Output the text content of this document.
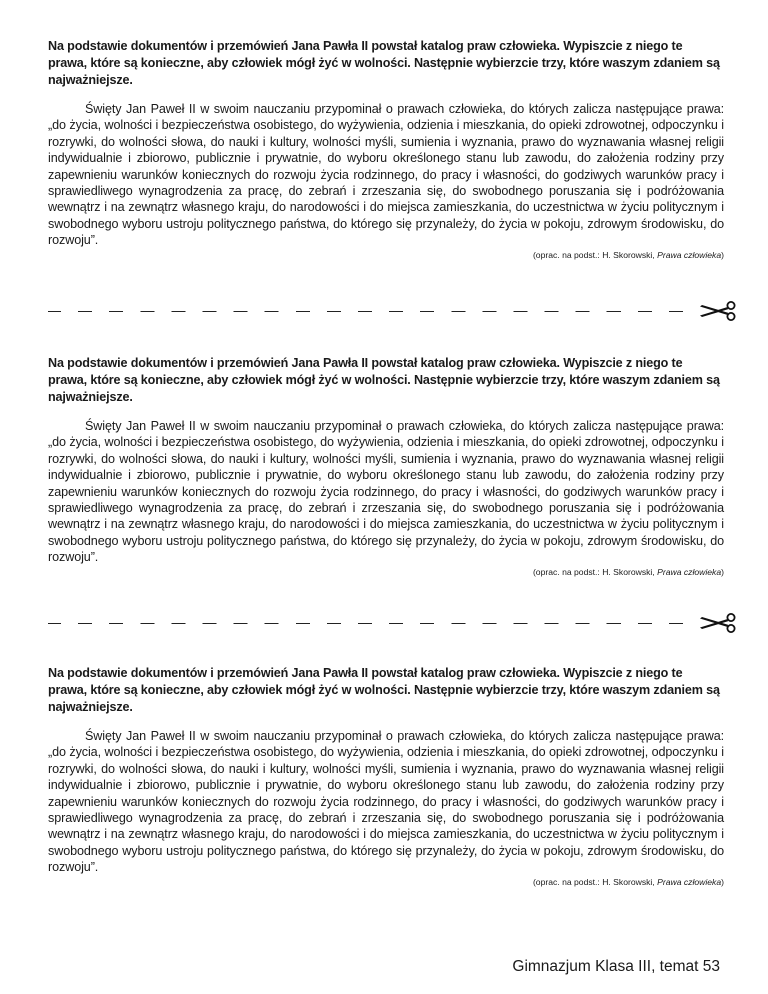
Na podstawie dokumentów i przemówień Jana Pawła II powstał katalog praw człowieka. Wypiszcie z niego te prawa, które są konieczne, aby człowiek mógł żyć w wolności. Następnie wybierzcie trzy, które waszym zdaniem są najważniejsze.

Święty Jan Paweł II w swoim nauczaniu przypominał o prawach człowieka, do których zalicza następujące prawa: „do życia, wolności i bezpieczeństwa osobistego, do wyżywienia, odzienia i mieszkania, do opieki zdrowotnej, odpoczynku i rozrywki, do wolności słowa, do nauki i kultury, wolności myśli, sumienia i wyznania, prawo do wyznawania własnej religii indywidualnie i zbiorowo, publicznie i prywatnie, do wyboru określonego stanu lub zawodu, do założenia rodziny przy zapewnieniu warunków koniecznych do rozwoju życia rodzinnego, do pracy i własności, do godziwych warunków pracy i sprawiedliwego wynagrodzenia za pracę, do zebrań i zrzeszania się, do swobodnego poruszania się i podróżowania wewnątrz i na zewnątrz własnego kraju, do narodowości i do miejsca zamieszkania, do uczestnictwa w życiu politycznym i swobodnego wyboru ustroju politycznego państwa, do którego się przynależy, do życia w pokoju, zdrowym środowisku, do rozwoju”.

(oprac. na podst.: H. Skorowski, Prawa człowieka)

Na podstawie dokumentów i przemówień Jana Pawła II powstał katalog praw człowieka. Wypiszcie z niego te prawa, które są konieczne, aby człowiek mógł żyć w wolności. Następnie wybierzcie trzy, które waszym zdaniem są najważniejsze.

Święty Jan Paweł II w swoim nauczaniu przypominał o prawach człowieka, do których zalicza następujące prawa: „do życia, wolności i bezpieczeństwa osobistego, do wyżywienia, odzienia i mieszkania, do opieki zdrowotnej, odpoczynku i rozrywki, do wolności słowa, do nauki i kultury, wolności myśli, sumienia i wyznania, prawo do wyznawania własnej religii indywidualnie i zbiorowo, publicznie i prywatnie, do wyboru określonego stanu lub zawodu, do założenia rodziny przy zapewnieniu warunków koniecznych do rozwoju życia rodzinnego, do pracy i własności, do godziwych warunków pracy i sprawiedliwego wynagrodzenia za pracę, do zebrań i zrzeszania się, do swobodnego poruszania się i podróżowania wewnątrz i na zewnątrz własnego kraju, do narodowości i do miejsca zamieszkania, do uczestnictwa w życiu politycznym i swobodnego wyboru ustroju politycznego państwa, do którego się przynależy, do życia w pokoju, zdrowym środowisku, do rozwoju”.

(oprac. na podst.: H. Skorowski, Prawa człowieka)

Na podstawie dokumentów i przemówień Jana Pawła II powstał katalog praw człowieka. Wypiszcie z niego te prawa, które są konieczne, aby człowiek mógł żyć w wolności. Następnie wybierzcie trzy, które waszym zdaniem są najważniejsze.

Święty Jan Paweł II w swoim nauczaniu przypominał o prawach człowieka, do których zalicza następujące prawa: „do życia, wolności i bezpieczeństwa osobistego, do wyżywienia, odzienia i mieszkania, do opieki zdrowotnej, odpoczynku i rozrywki, do wolności słowa, do nauki i kultury, wolności myśli, sumienia i wyznania, prawo do wyznawania własnej religii indywidualnie i zbiorowo, publicznie i prywatnie, do wyboru określonego stanu lub zawodu, do założenia rodziny przy zapewnieniu warunków koniecznych do rozwoju życia rodzinnego, do pracy i własności, do godziwych warunków pracy i sprawiedliwego wynagrodzenia za pracę, do zebrań i zrzeszania się, do swobodnego poruszania się i podróżowania wewnątrz i na zewnątrz własnego kraju, do narodowości i do miejsca zamieszkania, do uczestnictwa w życiu politycznym i swobodnego wyboru ustroju politycznego państwa, do którego się przynależy, do życia w pokoju, zdrowym środowisku, do rozwoju”.

(oprac. na podst.: H. Skorowski, Prawa człowieka)

Gimnazjum Klasa III, temat 53
